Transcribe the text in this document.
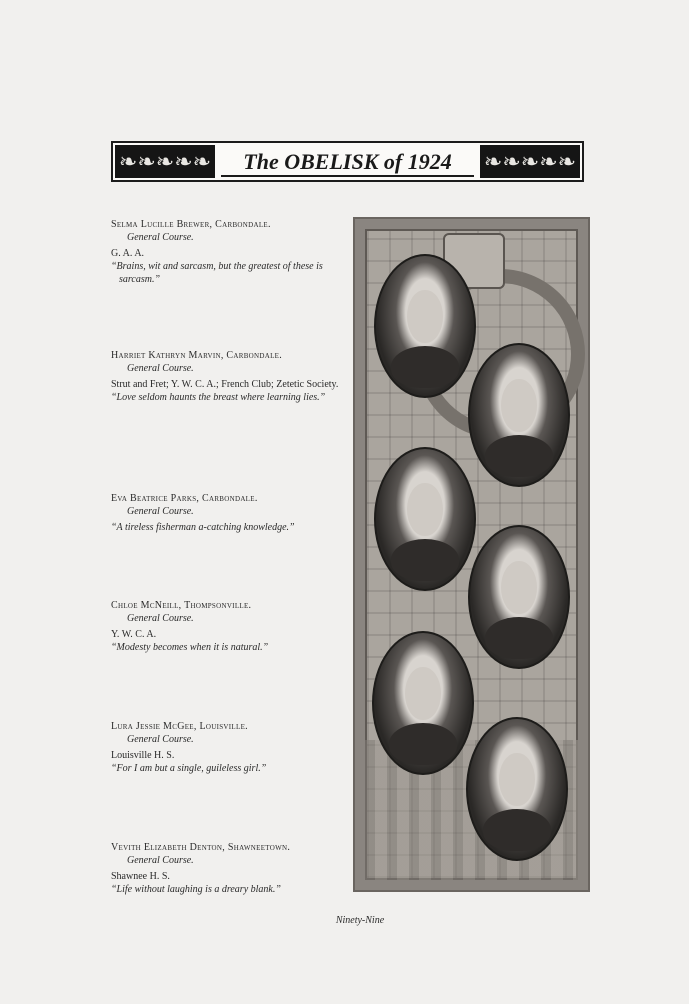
❧❧❧❧❧	The OBELISK of 1924	❧❧❧❧❧
Selma Lucille Brewer, Carbondale.
General Course.
G. A. A.
“Brains, wit and sarcasm, but the greatest of these is sarcasm.”
Harriet Kathryn Marvin, Carbondale.
General Course.
Strut and Fret; Y. W. C. A.; French Club; Zetetic Society.
“Love seldom haunts the breast where learning lies.”
Eva Beatrice Parks, Carbondale.
General Course.
“A tireless fisherman a-catching knowledge.”
Chloe McNeill, Thompsonville.
General Course.
Y. W. C. A.
“Modesty becomes when it is natural.”
Lura Jessie McGee, Louisville.
General Course.
Louisville H. S.
“For I am but a single, guileless girl.”
Vevith Elizabeth Denton, Shawneetown.
General Course.
Shawnee H. S.
“Life without laughing is a dreary blank.”
Ninety-Nine
